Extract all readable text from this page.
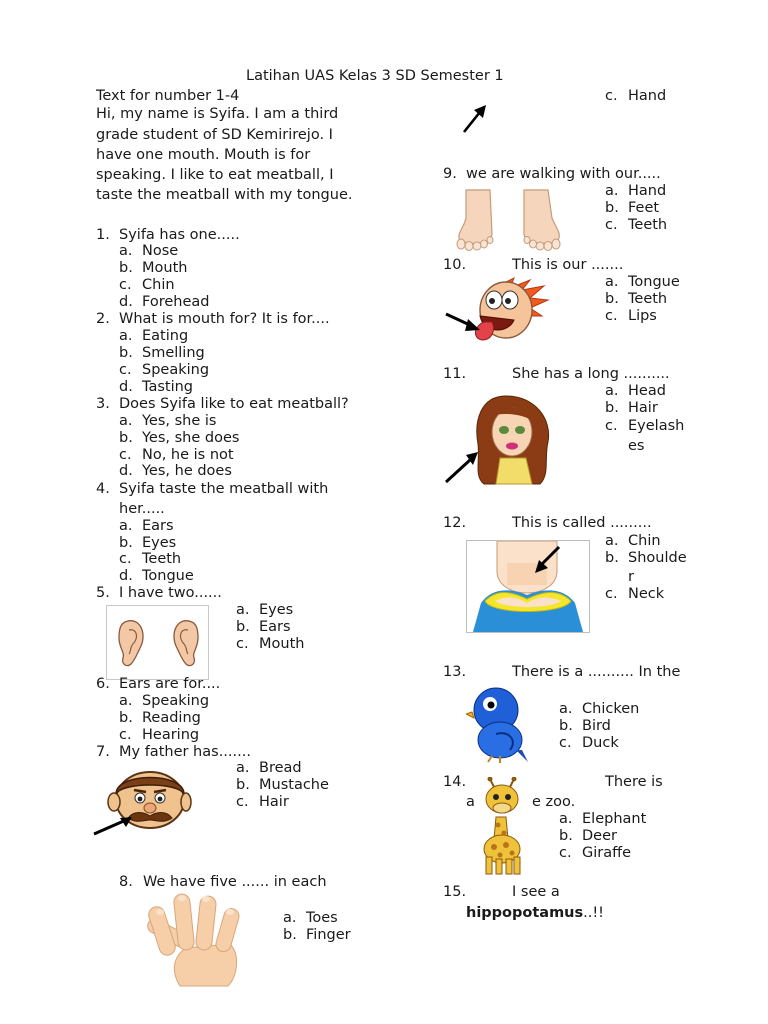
Latihan UAS Kelas 3 SD Semester 1
Text for number 1-4
Hi, my name is Syifa. I am a third
grade student of SD Kemirirejo. I
have one mouth. Mouth is for
speaking. I like to eat meatball, I
taste the meatball with my tongue.
1. Syifa has one.....
a. Nose
b. Mouth
c. Chin
d. Forehead
2. What is mouth for? It is for....
a. Eating
b. Smelling
c. Speaking
d. Tasting
3. Does Syifa like to eat meatball?
a. Yes, she is
b. Yes, she does
c. No, he is not
d. Yes, he does
4. Syifa taste the meatball with
her.....
a. Ears
b. Eyes
c. Teeth
d. Tongue
5. I have two......
a. Eyes
b. Ears
c. Mouth
6. Ears are for....
a. Speaking
b. Reading
c. Hearing
7. My father has.......
a. Bread
b. Mustache
c. Hair
8. We have five ...... in each
a. Toes
b. Finger
c. Hand
9. we are walking with our.....
a. Hand
b. Feet
c. Teeth
10.	This is our .......
a. Tongue
b. Teeth
c. Lips
11.	She has a long ..........
a. Head
b. Hair
c. Eyelash
es
12.	This is called .........
a. Chin
b. Shoulde
r
c. Neck
13.	There is a .......... In the
a. Chicken
b. Bird
c. Duck
14.	There is
a	e zoo.
a. Elephant
b. Deer
c. Giraffe
15.	I see a
hippopotamus..!!
